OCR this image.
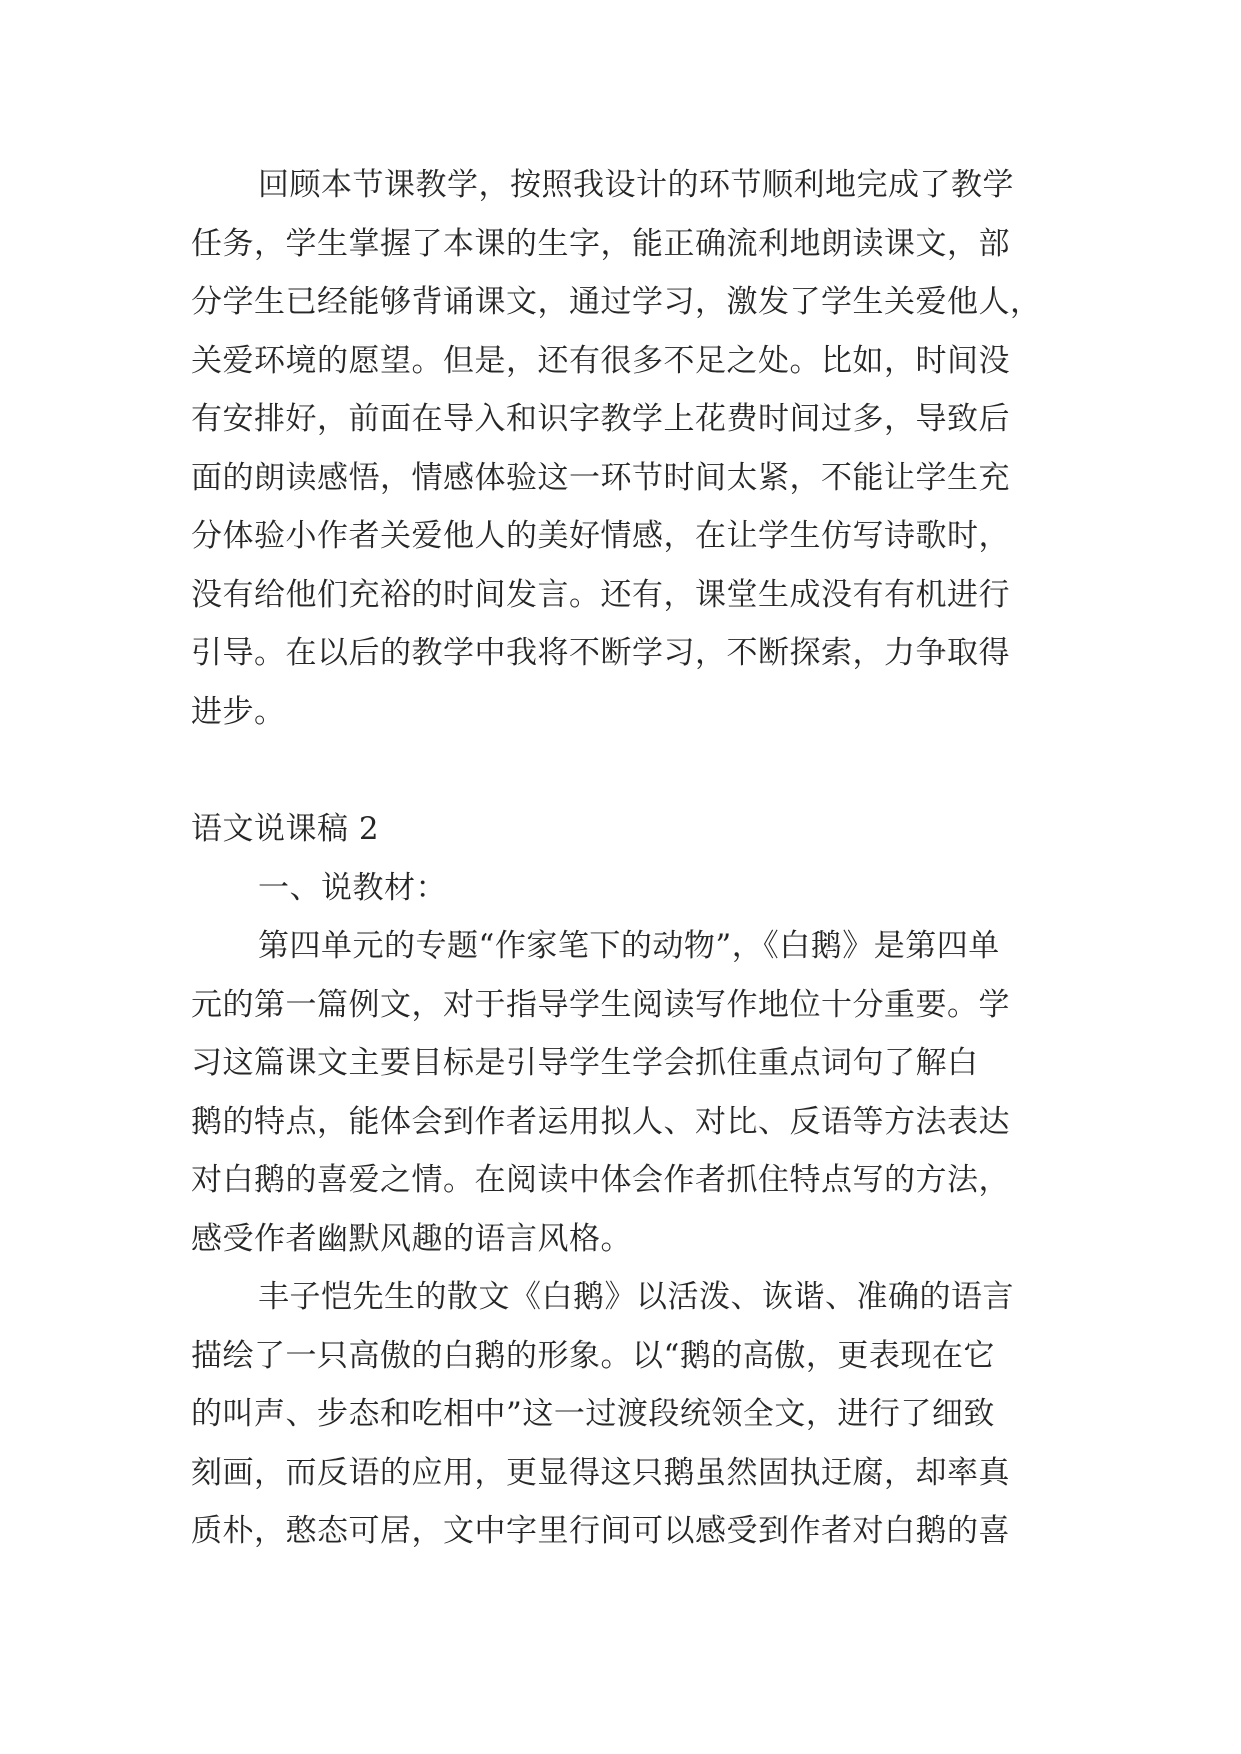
回顾本节课教学，按照我设计的环节顺利地完成了教学
任务，学生掌握了本课的生字，能正确流利地朗读课文，部
分学生已经能够背诵课文，通过学习，激发了学生关爱他人，
关爱环境的愿望。但是，还有很多不足之处。比如，时间没
有安排好，前面在导入和识字教学上花费时间过多，导致后
面的朗读感悟，情感体验这一环节时间太紧，不能让学生充
分体验小作者关爱他人的美好情感，在让学生仿写诗歌时，
没有给他们充裕的时间发言。还有，课堂生成没有有机进行
引导。在以后的教学中我将不断学习，不断探索，力争取得
进步。
语文说课稿 2
一、说教材：
第四单元的专题“作家笔下的动物”，《白鹅》是第四单
元的第一篇例文，对于指导学生阅读写作地位十分重要。学
习这篇课文主要目标是引导学生学会抓住重点词句了解白
鹅的特点，能体会到作者运用拟人、对比、反语等方法表达
对白鹅的喜爱之情。在阅读中体会作者抓住特点写的方法，
感受作者幽默风趣的语言风格。
丰子恺先生的散文《白鹅》以活泼、诙谐、准确的语言
描绘了一只高傲的白鹅的形象。以“鹅的高傲，更表现在它
的叫声、步态和吃相中”这一过渡段统领全文，进行了细致
刻画，而反语的应用，更显得这只鹅虽然固执迂腐，却率真
质朴，憨态可居，文中字里行间可以感受到作者对白鹅的喜
